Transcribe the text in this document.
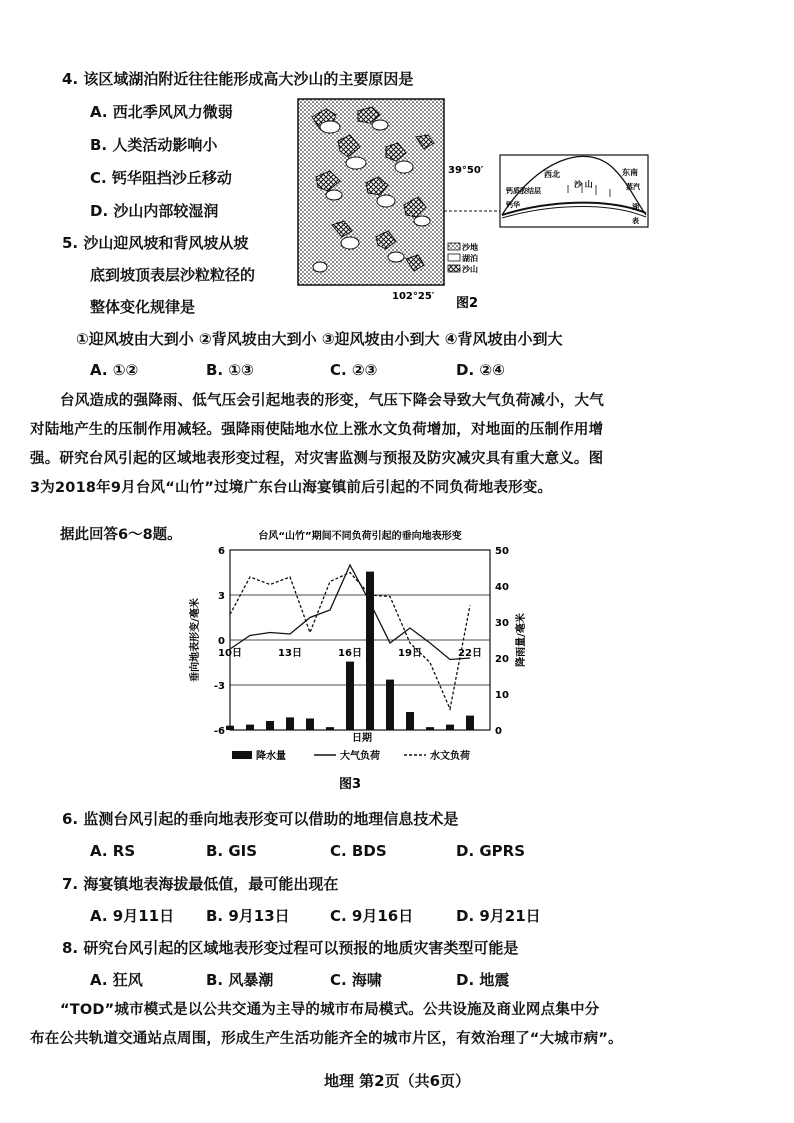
4. 该区域湖泊附近往往能形成高大沙山的主要原因是
A. 西北季风风力微弱
B. 人类活动影响小
C. 钙华阻挡沙丘移动
D. 沙山内部较湿润
5. 沙山迎风坡和背风坡从坡
底到坡顶表层沙粒粒径的
整体变化规律是
①迎风坡由大到小 ②背风坡由大到小 ③迎风坡由小到大 ④背风坡由小到大
A. ①②	B. ①③	C. ②③	D. ②④
39°50′
102°25′ 图2
沙地
湖泊
沙山
西北	东南
钙质胶结层
钙华
沙 山	蒸汽
湖
表
台风造成的强降雨、低气压会引起地表的形变，气压下降会导致大气负荷减小，大气
对陆地产生的压制作用减轻。强降雨使陆地水位上涨水文负荷增加，对地面的压制作用增
强。研究台风引起的区域地表形变过程，对灾害监测与预报及防灾减灾具有重大意义。图
3为2018年9月台风“山竹”过境广东台山海宴镇前后引起的不同负荷地表形变。
据此回答6～8题。	台风“山竹”期间不同负荷引起的垂向地表形变
-6
-3
0
3
6
0
10
20
30
40
50
垂向地表形变/毫米	降雨量/毫米
10日	13日	16日	19日	22日
日期
降水量	大气负荷	水文负荷
图3
6. 监测台风引起的垂向地表形变可以借助的地理信息技术是
A. RS	B. GIS	C. BDS	D. GPRS
7. 海宴镇地表海拔最低值，最可能出现在
A. 9月11日 B. 9月13日	C. 9月16日	D. 9月21日
8. 研究台风引起的区域地表形变过程可以预报的地质灾害类型可能是
A. 狂风	B. 风暴潮	C. 海啸	D. 地震
“TOD”城市模式是以公共交通为主导的城市布局模式。公共设施及商业网点集中分
布在公共轨道交通站点周围，形成生产生活功能齐全的城市片区，有效治理了“大城市病”。
地理 第2页（共6页）
